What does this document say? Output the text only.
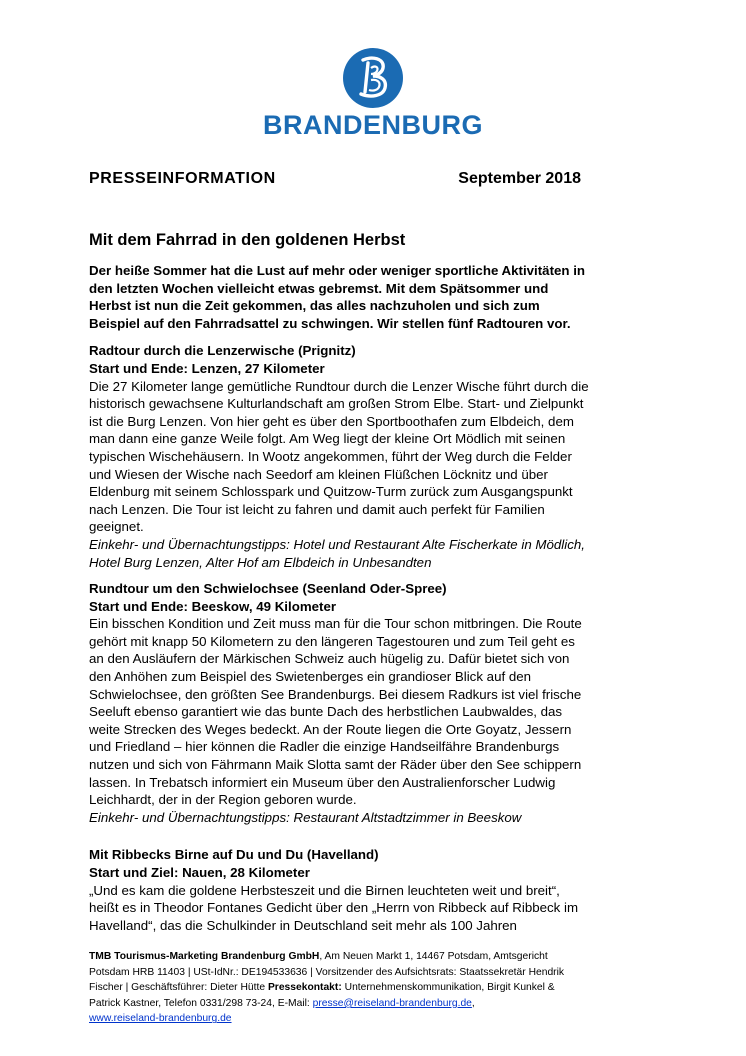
BRANDENBURG
PRESSEINFORMATION	September 2018
Mit dem Fahrrad in den goldenen Herbst

Der heiße Sommer hat die Lust auf mehr oder weniger sportliche Aktivitäten in den letzten Wochen vielleicht etwas gebremst. Mit dem Spätsommer und Herbst ist nun die Zeit gekommen, das alles nachzuholen und sich zum Beispiel auf den Fahrradsattel zu schwingen. Wir stellen fünf Radtouren vor.

Radtour durch die Lenzerwische (Prignitz)
Start und Ende: Lenzen, 27 Kilometer
Die 27 Kilometer lange gemütliche Rundtour durch die Lenzer Wische führt durch die historisch gewachsene Kulturlandschaft am großen Strom Elbe. Start- und Zielpunkt ist die Burg Lenzen. Von hier geht es über den Sportboothafen zum Elbdeich, dem man dann eine ganze Weile folgt. Am Weg liegt der kleine Ort Mödlich mit seinen typischen Wischehäusern. In Wootz angekommen, führt der Weg durch die Felder und Wiesen der Wische nach Seedorf am kleinen Flüßchen Löcknitz und über Eldenburg mit seinem Schlosspark und Quitzow-Turm zurück zum Ausgangspunkt nach Lenzen. Die Tour ist leicht zu fahren und damit auch perfekt für Familien geeignet.
Einkehr- und Übernachtungstipps: Hotel und Restaurant Alte Fischerkate in Mödlich, Hotel Burg Lenzen, Alter Hof am Elbdeich in Unbesandten
Rundtour um den Schwielochsee (Seenland Oder-Spree)
Start und Ende: Beeskow, 49 Kilometer
Ein bisschen Kondition und Zeit muss man für die Tour schon mitbringen. Die Route gehört mit knapp 50 Kilometern zu den längeren Tagestouren und zum Teil geht es an den Ausläufern der Märkischen Schweiz auch hügelig zu. Dafür bietet sich von den Anhöhen zum Beispiel des Swietenberges ein grandioser Blick auf den Schwielochsee, den größten See Brandenburgs. Bei diesem Radkurs ist viel frische Seeluft ebenso garantiert wie das bunte Dach des herbstlichen Laubwaldes, das weite Strecken des Weges bedeckt. An der Route liegen die Orte Goyatz, Jessern und Friedland – hier können die Radler die einzige Handseilfähre Brandenburgs nutzen und sich von Fährmann Maik Slotta samt der Räder über den See schippern lassen. In Trebatsch informiert ein Museum über den Australienforscher Ludwig Leichhardt, der in der Region geboren wurde.
Einkehr- und Übernachtungstipps: Restaurant Altstadtzimmer in Beeskow
Mit Ribbecks Birne auf Du und Du (Havelland)
Start und Ziel: Nauen, 28 Kilometer
„Und es kam die goldene Herbsteszeit und die Birnen leuchteten weit und breit“, heißt es in Theodor Fontanes Gedicht über den „Herrn von Ribbeck auf Ribbeck im Havelland“, das die Schulkinder in Deutschland seit mehr als 100 Jahren
TMB Tourismus-Marketing Brandenburg GmbH, Am Neuen Markt 1, 14467 Potsdam, Amtsgericht Potsdam HRB 11403 | USt-IdNr.: DE194533636 | Vorsitzender des Aufsichtsrats: Staatssekretär Hendrik Fischer | Geschäftsführer: Dieter Hütte Pressekontakt: Unternehmenskommunikation, Birgit Kunkel & Patrick Kastner, Telefon 0331/298 73-24, E-Mail: presse@reiseland-brandenburg.de,
www.reiseland-brandenburg.de
